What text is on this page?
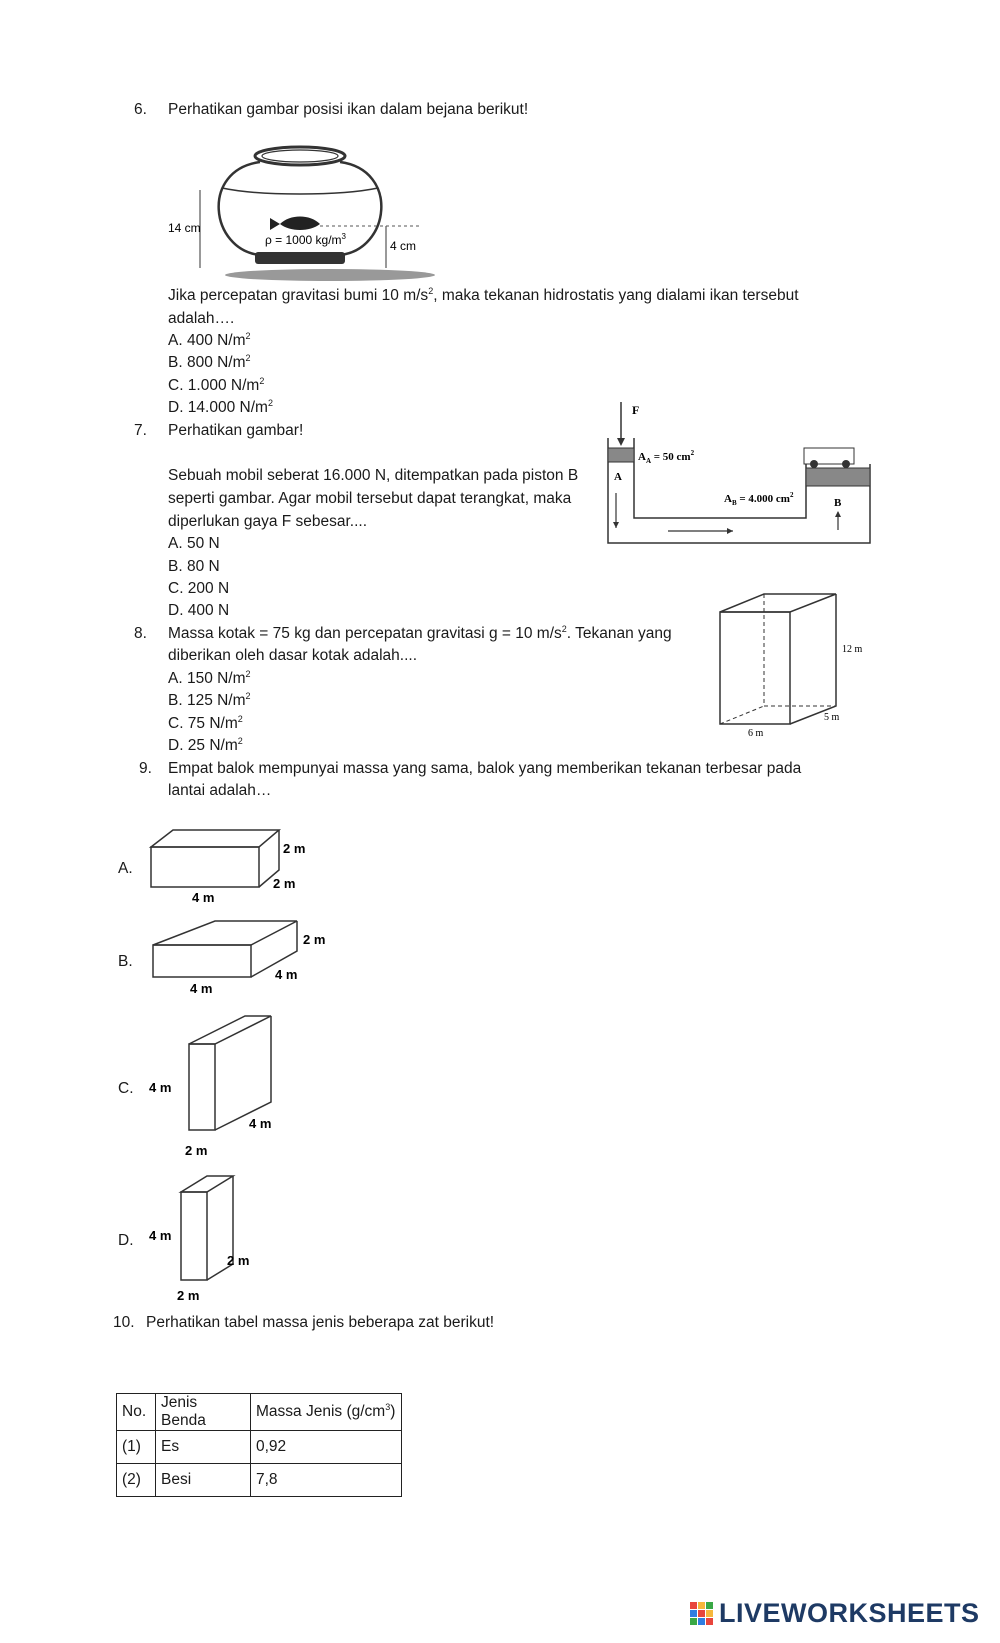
6. Perhatikan gambar posisi ikan dalam bejana berikut!
14 cm
ρ = 1000 $kg/m^3$
4 cm
Jika percepatan gravitasi bumi 10 $m/s^2$, maka tekanan hidrostatis yang dialami ikan tersebut
adalah….
A. 400 $N/m^2$
B. 800 $N/m^2$
C. 1.000 $N/m^2$
D. 14.000 $N/m^2$
7. Perhatikan gambar!
Sebuah mobil seberat 16.000 N, ditempatkan pada piston B
seperti gambar. Agar mobil tersebut dapat terangkat, maka
diperlukan gaya F sebesar....
A. 50 N
B. 80 N
C. 200 N
D. 400 N
F
A
$A_A = 50$ $cm^2$
$A_B = 4.000$ $cm^2$
B
8. Massa kotak = 75 kg dan percepatan gravitasi g = 10 $m/s^2$. Tekanan yang
diberikan oleh dasar kotak adalah....
A. 150 $N/m^2$
B. 125 $N/m^2$
C. 75 $N/m^2$
D. 25 $N/m^2$
12 m
5 m
6 m
9. Empat balok mempunyai massa yang sama, balok yang memberikan tekanan terbesar pada
lantai adalah…
A.
2 m
2 m
4 m
B.
2 m
4 m
4 m
C. 4 m
4 m
2 m
D. 4 m
2 m
2 m
10. Perhatikan tabel massa jenis beberapa zat berikut!
No.	Jenis Benda	Massa Jenis $(g/cm^3)$
(1)	Es	0,92
(2)	Besi	7,8
LIVEWORKSHEETS
